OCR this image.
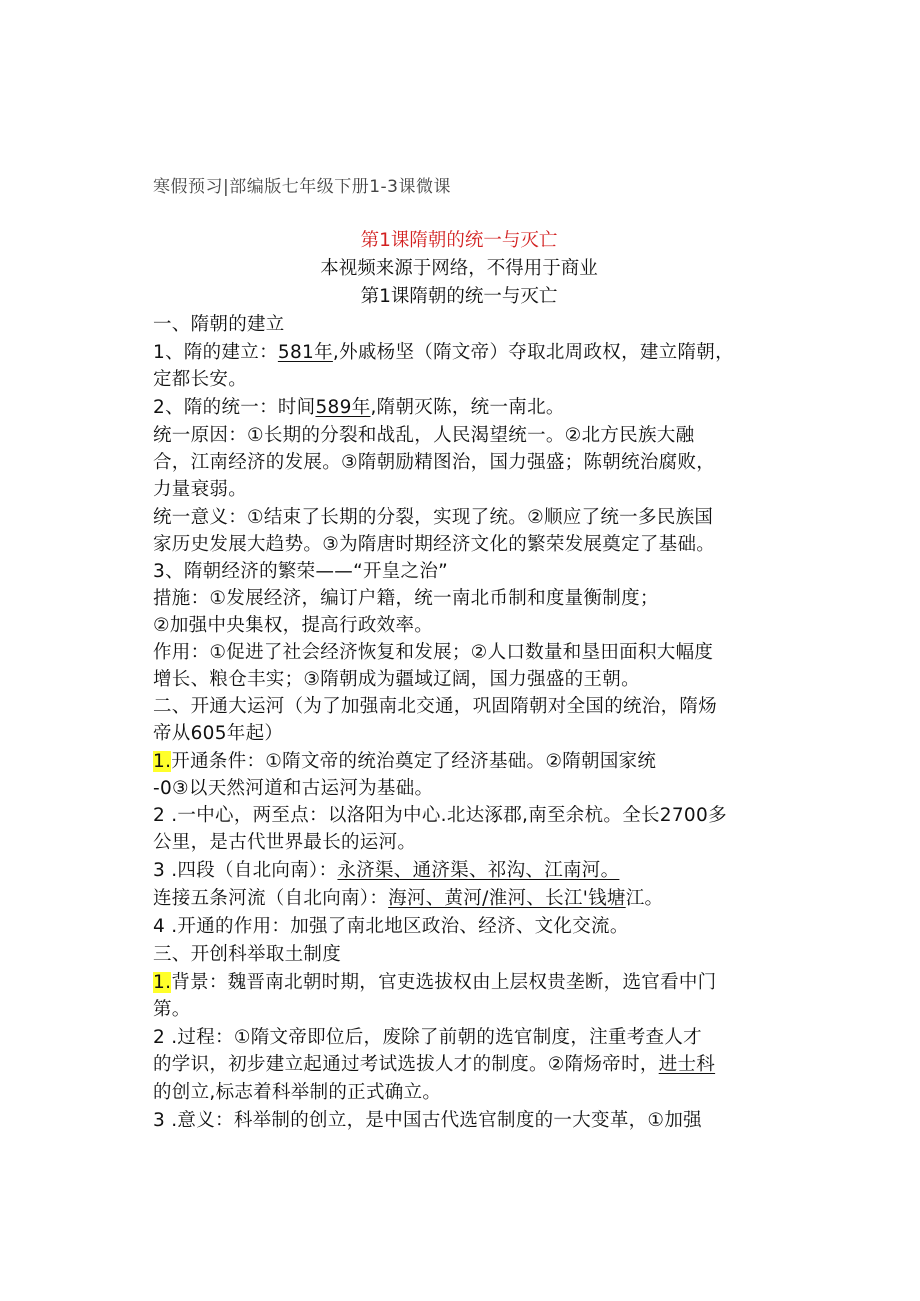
寒假预习|部编版七年级下册1-3课微课
第1课隋朝的统一与灭亡
本视频来源于网络，不得用于商业
第1课隋朝的统一与灭亡
一、隋朝的建立
1、隋的建立：581年,外戚杨坚（隋文帝）夺取北周政权，建立隋朝，
定都长安。
2、隋的统一：时间589年,隋朝灭陈，统一南北。
统一原因：①长期的分裂和战乱，人民渴望统一。②北方民族大融
合，江南经济的发展。③隋朝励精图治，国力强盛；陈朝统治腐败，
力量衰弱。
统一意义：①结束了长期的分裂，实现了统。②顺应了统一多民族国
家历史发展大趋势。③为隋唐时期经济文化的繁荣发展奠定了基础。
3、隋朝经济的繁荣——“开皇之治”
措施：①发展经济，编订户籍，统一南北币制和度量衡制度；
②加强中央集权，提高行政效率。
作用：①促进了社会经济恢复和发展；②人口数量和垦田面积大幅度
增长、粮仓丰实；③隋朝成为疆域辽阔，国力强盛的王朝。
二、开通大运河（为了加强南北交通，巩固隋朝对全国的统治，隋炀
帝从605年起）
1.开通条件：①隋文帝的统治奠定了经济基础。②隋朝国家统
-0③以天然河道和古运河为基础。
2 .一中心，两至点：以洛阳为中心.北达涿郡,南至余杭。全长2700多
公里，是古代世界最长的运河。
3 .四段（自北向南）：永济渠、通济渠、祁沟、江南河。
连接五条河流（自北向南）：海河、黄河/淮河、长江'钱塘江。
4 .开通的作用：加强了南北地区政治、经济、文化交流。
三、开创科举取土制度
1.背景：魏晋南北朝时期，官吏选拔权由上层权贵垄断，选官看中门
第。
2 .过程：①隋文帝即位后，废除了前朝的选官制度，注重考查人才
的学识，初步建立起通过考试选拔人才的制度。②隋炀帝时，进士科
的创立,标志着科举制的正式确立。
3 .意义：科举制的创立，是中国古代选官制度的一大变革，①加强
